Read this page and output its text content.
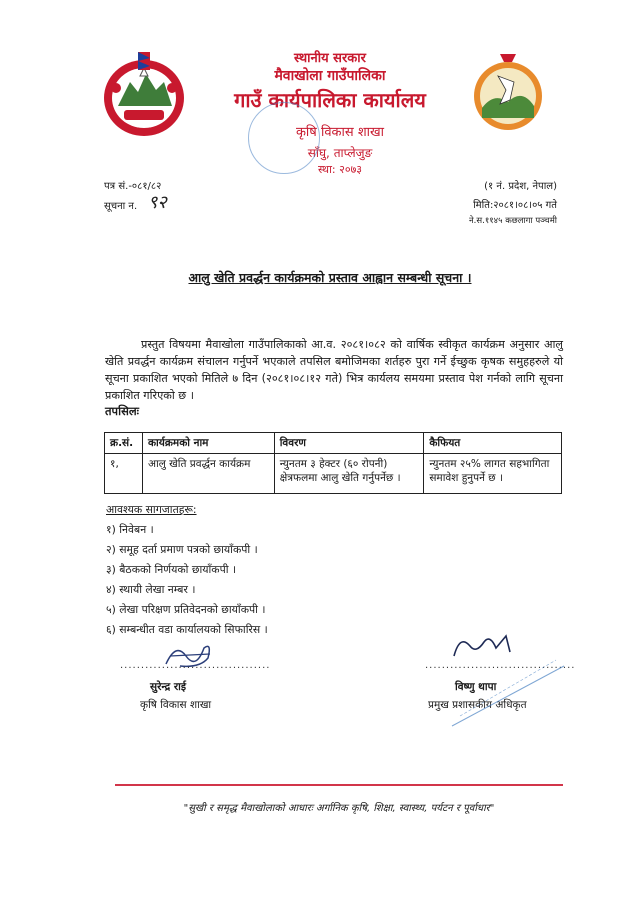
स्थानीय सरकार
मैवाखोला गाउँपालिका
गाउँ कार्यपालिका कार्यालय
कृषि विकास शाखा
साँघु, ताप्लेजुङ
स्था: २०७३
पत्र सं.-०८१/८२
सूचना न. ९२
(१ नं. प्रदेश, नेपाल)
मिति:२०८१।०८।०५ गते
ने.स.११४५ कछलागा पञ्चमी
आलु खेति प्रवर्द्धन कार्यक्रमको प्रस्ताव आह्वान सम्बन्धी सूचना ।
प्रस्तुत विषयमा मैवाखोला गाउँपालिकाको आ.व. २०८१।०८२ को वार्षिक स्वीकृत कार्यक्रम अनुसार आलु खेति प्रवर्द्धन कार्यक्रम संचालन गर्नुपर्ने भएकाले तपसिल बमोजिमका शर्तहरु पुरा गर्ने ईच्छुक कृषक समुहहरुले यो सूचना प्रकाशित भएको मितिले ७ दिन (२०८१।०८।१२ गते) भित्र कार्यलय समयमा प्रस्ताव पेश गर्नको लागि सूचना प्रकाशित गरिएको छ ।
तपसिलः
क्र.सं.	कार्यक्रमको नाम	विवरण	कैफियत
१,	आलु खेति प्रवर्द्धन कार्यक्रम	न्युनतम ३ हेक्टर (६० रोपनी) क्षेत्रफलमा आलु खेति गर्नुपर्नेछ ।	न्युनतम २५% लागत सहभागिता समावेश हुनुपर्ने छ ।
आवश्यक सागजातहरू:
१) निवेबन ।
२) समूह दर्ता प्रमाण पत्रको छायाँकपी ।
३) बैठकको निर्णयको छायाँकपी ।
४) स्थायी लेखा नम्बर ।
५) लेखा परिक्षण प्रतिवेदनको छायाँकपी ।
६) सम्बन्धीत वडा कार्यालयको सिफारिस ।
....................................
सुरेन्द्र राई
कृषि विकास शाखा
....................................
विष्णु थापा
प्रमुख प्रशासकीय अधिकृत
"सुखी र समृद्ध मैवाखोलाको आधारः अर्गानिक कृषि, शिक्षा, स्वास्थ्य, पर्यटन र पूर्वाधार"
